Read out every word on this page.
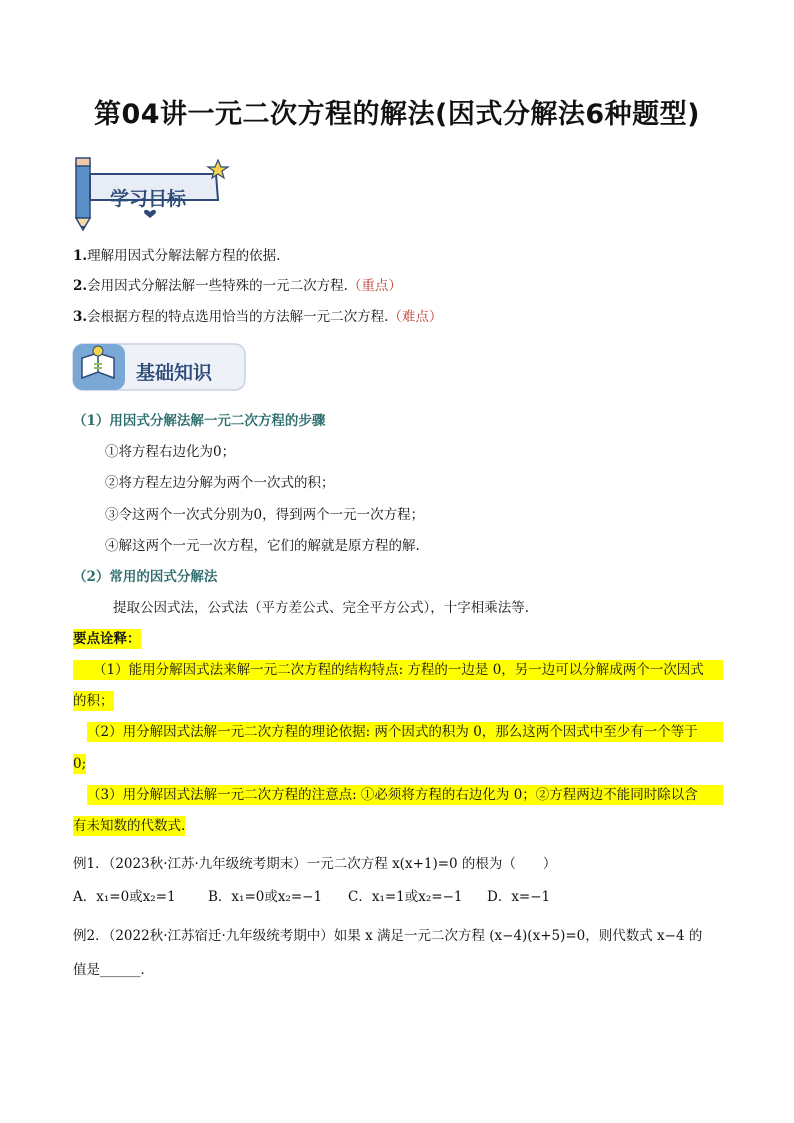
第04讲一元二次方程的解法(因式分解法6种题型)
学习目标
1.理解用因式分解法解方程的依据.
2.会用因式分解法解一些特殊的一元二次方程.（重点）
3.会根据方程的特点选用恰当的方法解一元二次方程.（难点）
基础知识
（1）用因式分解法解一元二次方程的步骤
①将方程右边化为0；
②将方程左边分解为两个一次式的积；
③令这两个一次式分别为0，得到两个一元一次方程；
④解这两个一元一次方程，它们的解就是原方程的解.
（2）常用的因式分解法
提取公因式法，公式法（平方差公式、完全平方公式），十字相乘法等.
要点诠释：
（1）能用分解因式法来解一元二次方程的结构特点: 方程的一边是 0，另一边可以分解成两个一次因式
的积；
（2）用分解因式法解一元二次方程的理论依据: 两个因式的积为 0，那么这两个因式中至少有一个等于
0;
（3）用分解因式法解一元二次方程的注意点: ①必须将方程的右边化为 0；②方程两边不能同时除以含
有未知数的代数式.
例1．（2023秋·江苏·九年级统考期末）一元二次方程 x(x+1)=0 的根为（　　）
A．x₁=0或x₂=1 B．x₁=0或x₂=−1 C．x₁=1或x₂=−1 D．x=−1
例2．（2022秋·江苏宿迁·九年级统考期中）如果 x 满足一元二次方程 (x−4)(x+5)=0，则代数式 x−4 的
值是______．
